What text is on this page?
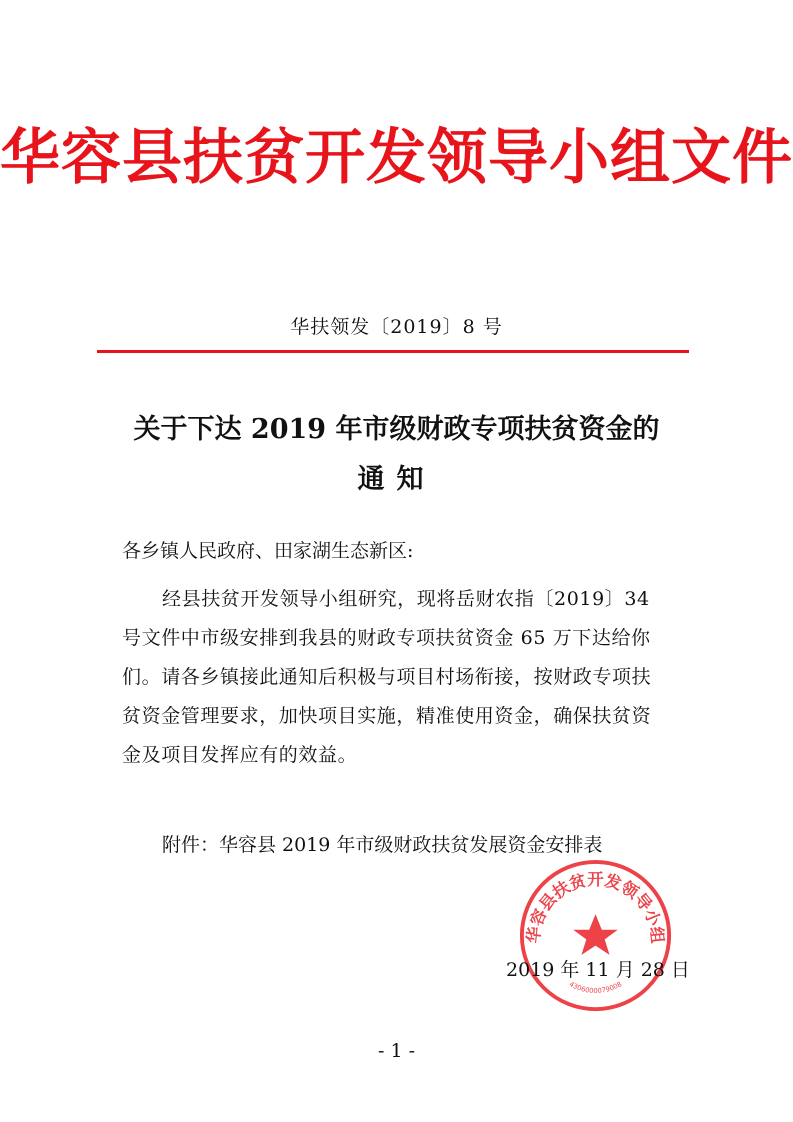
华容县扶贫开发领导小组文件
华扶领发〔2019〕8 号
关于下达 2019 年市级财政专项扶贫资金的
通知
各乡镇人民政府、田家湖生态新区:
经县扶贫开发领导小组研究，现将岳财农指〔2019〕34
号文件中市级安排到我县的财政专项扶贫资金 65 万下达给你
们。请各乡镇接此通知后积极与项目村场衔接，按财政专项扶
贫资金管理要求，加快项目实施，精准使用资金，确保扶贫资
金及项目发挥应有的效益。
附件：华容县 2019 年市级财政扶贫发展资金安排表
华容县扶贫开发领导小组
4306000079008
2019 年 11 月 28 日
- 1 -
